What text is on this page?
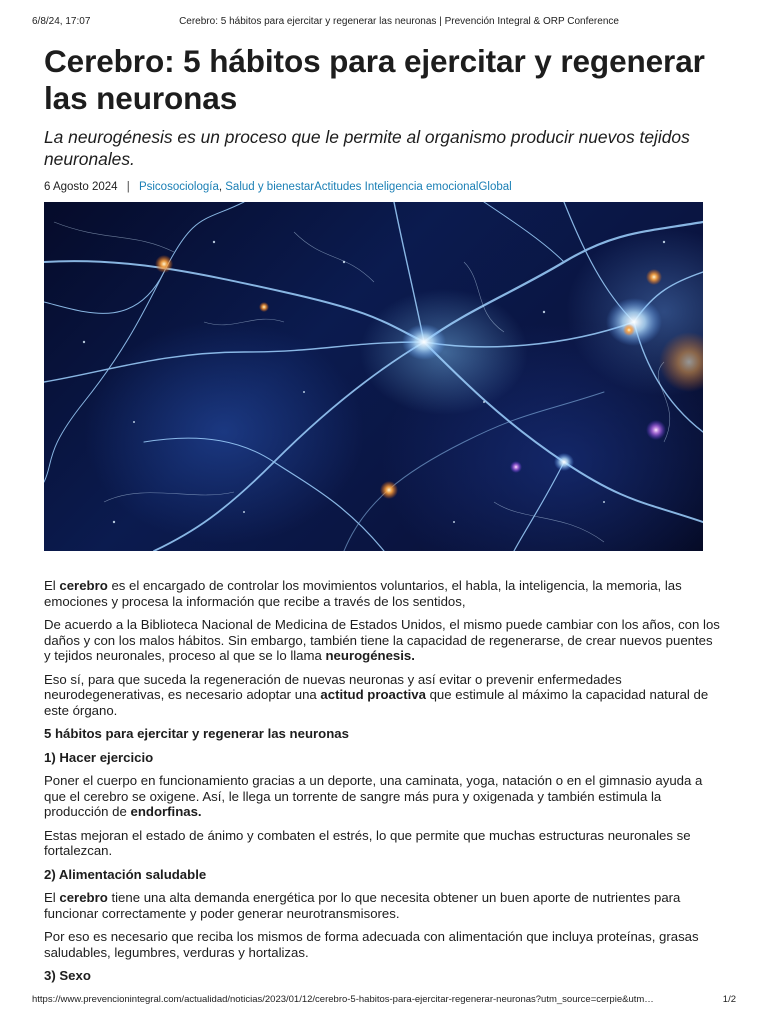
6/8/24, 17:07	Cerebro: 5 hábitos para ejercitar y regenerar las neuronas | Prevención Integral & ORP Conference
Cerebro: 5 hábitos para ejercitar y regenerar las neuronas

La neurogénesis es un proceso que le permite al organismo producir nuevos tejidos neuronales.

6 Agosto 2024 | Psicosociología, Salud y bienestarActitudes Inteligencia emocionalGlobal

El cerebro es el encargado de controlar los movimientos voluntarios, el habla, la inteligencia, la memoria, las emociones y procesa la información que recibe a través de los sentidos,

De acuerdo a la Biblioteca Nacional de Medicina de Estados Unidos, el mismo puede cambiar con los años, con los daños y con los malos hábitos. Sin embargo, también tiene la capacidad de regenerarse, de crear nuevos puentes y tejidos neuronales, proceso al que se lo llama neurogénesis.

Eso sí, para que suceda la regeneración de nuevas neuronas y así evitar o prevenir enfermedades neurodegenerativas, es necesario adoptar una actitud proactiva que estimule al máximo la capacidad natural de este órgano.

5 hábitos para ejercitar y regenerar las neuronas

1) Hacer ejercicio

Poner el cuerpo en funcionamiento gracias a un deporte, una caminata, yoga, natación o en el gimnasio ayuda a que el cerebro se oxigene. Así, le llega un torrente de sangre más pura y oxigenada y también estimula la producción de endorfinas.

Estas mejoran el estado de ánimo y combaten el estrés, lo que permite que muchas estructuras neuronales se fortalezcan.

2) Alimentación saludable

El cerebro tiene una alta demanda energética por lo que necesita obtener un buen aporte de nutrientes para funcionar correctamente y poder generar neurotransmisores.

Por eso es necesario que reciba los mismos de forma adecuada con alimentación que incluya proteínas, grasas saludables, legumbres, verduras y hortalizas.

3) Sexo

https://www.prevencionintegral.com/actualidad/noticias/2023/01/12/cerebro-5-habitos-para-ejercitar-regenerar-neuronas?utm_source=cerpie&utm…	1/2
